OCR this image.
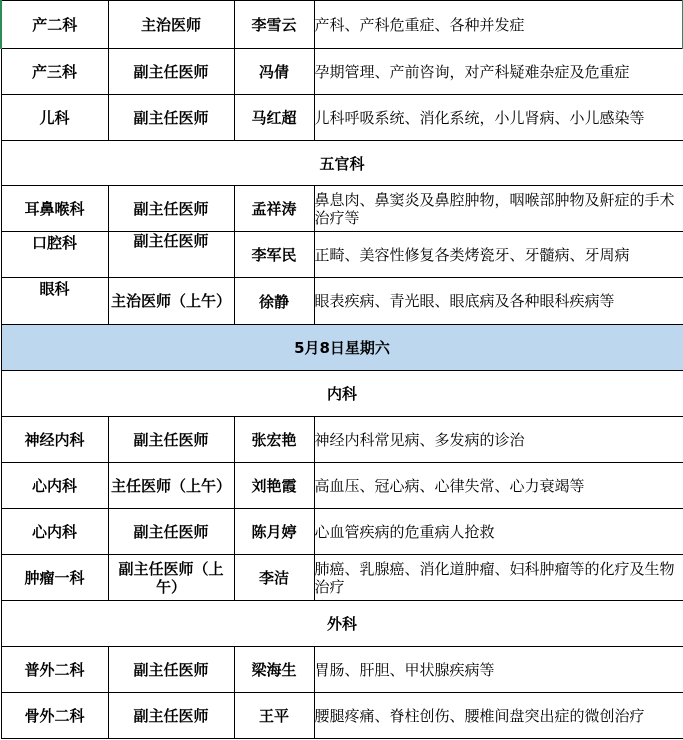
产二科	主治医师	李雪云	产科、产科危重症、各种并发症
产三科	副主任医师	冯倩	孕期管理、产前咨询，对产科疑难杂症及危重症
儿科	副主任医师	马红超	儿科呼吸系统、消化系统，小儿肾病、小儿感染等
五官科			
耳鼻喉科	副主任医师	孟祥涛	鼻息肉、鼻窦炎及鼻腔肿物，咽喉部肿物及鼾症的手术治疗等
口腔科	副主任医师	李军民	正畸、美容性修复各类烤瓷牙、牙髓病、牙周病
眼科	主治医师（上午）	徐静	眼表疾病、青光眼、眼底病及各种眼科疾病等
5月8日星期六			
内科			
神经内科	副主任医师	张宏艳	神经内科常见病、多发病的诊治
心内科	主任医师（上午）	刘艳霞	高血压、冠心病、心律失常、心力衰竭等
心内科	副主任医师	陈月婷	心血管疾病的危重病人抢救
肿瘤一科	副主任医师（上午）	李洁	肺癌、乳腺癌、消化道肿瘤、妇科肿瘤等的化疗及生物治疗
外科			
普外二科	副主任医师	梁海生	胃肠、肝胆、甲状腺疾病等
骨外二科	副主任医师	王平	腰腿疼痛、脊柱创伤、腰椎间盘突出症的微创治疗
